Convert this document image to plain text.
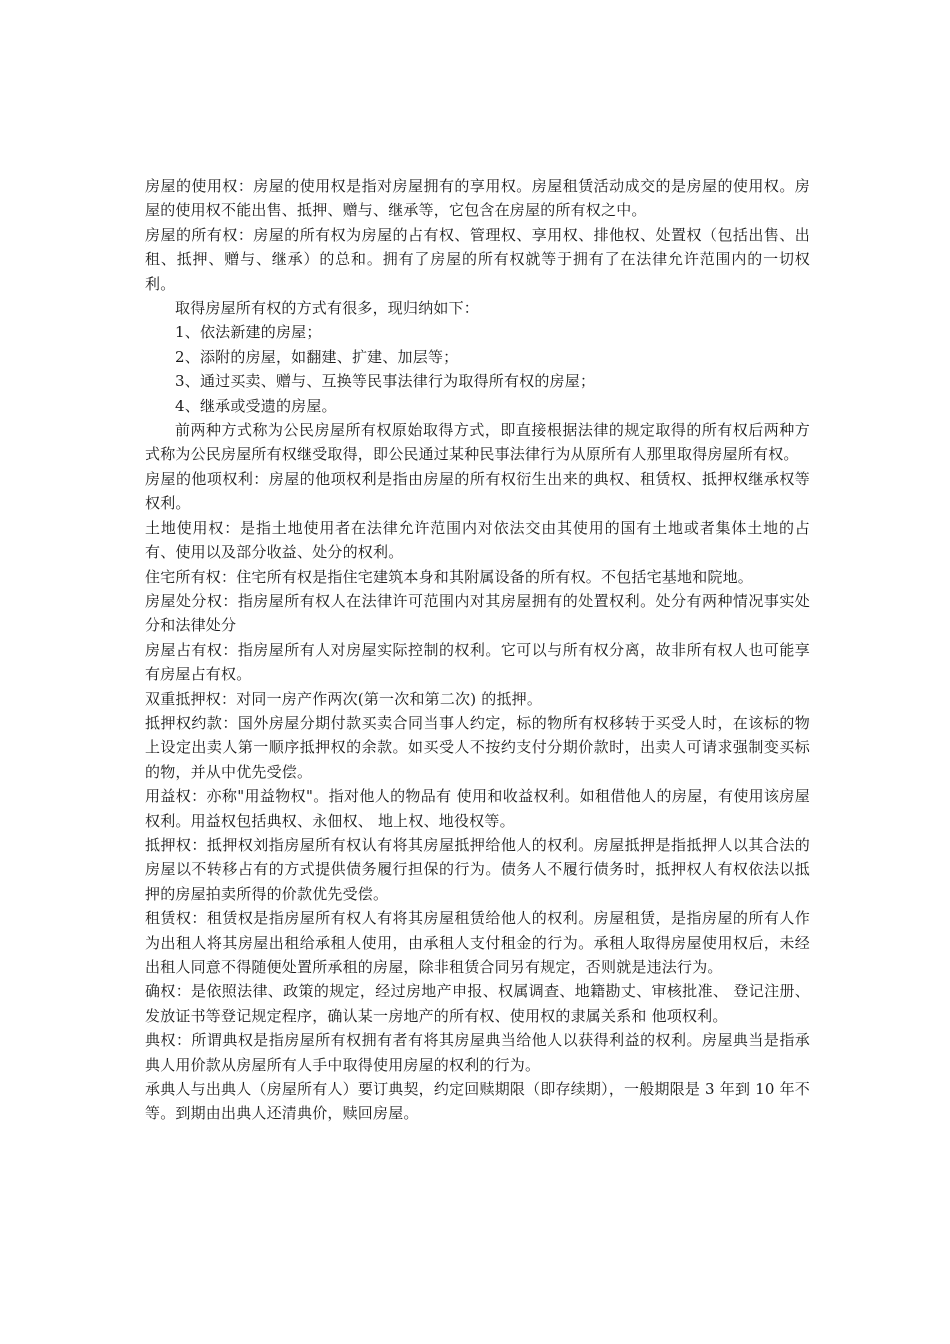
房屋的使用权：房屋的使用权是指对房屋拥有的享用权。房屋租赁活动成交的是房屋的使用权。房屋的使用权不能出售、抵押、赠与、继承等，它包含在房屋的所有权之中。

房屋的所有权：房屋的所有权为房屋的占有权、管理权、享用权、排他权、处置权（包括出售、出租、抵押、赠与、继承）的总和。拥有了房屋的所有权就等于拥有了在法律允许范围内的一切权利。

取得房屋所有权的方式有很多，现归纳如下：

1、依法新建的房屋；

2、添附的房屋，如翻建、扩建、加层等；

3、通过买卖、赠与、互换等民事法律行为取得所有权的房屋；

4、继承或受遗的房屋。

前两种方式称为公民房屋所有权原始取得方式，即直接根据法律的规定取得的所有权后两种方式称为公民房屋所有权继受取得，即公民通过某种民事法律行为从原所有人那里取得房屋所有权。

房屋的他项权利：房屋的他项权利是指由房屋的所有权衍生出来的典权、租赁权、抵押权继承权等权利。

土地使用权：是指土地使用者在法律允许范围内对依法交由其使用的国有土地或者集体土地的占有、使用以及部分收益、处分的权利。

住宅所有权：住宅所有权是指住宅建筑本身和其附属设备的所有权。不包括宅基地和院地。

房屋处分权：指房屋所有权人在法律许可范围内对其房屋拥有的处置权利。处分有两种情况事实处分和法律处分

房屋占有权：指房屋所有人对房屋实际控制的权利。它可以与所有权分离，故非所有权人也可能享有房屋占有权。

双重抵押权：对同一房产作两次(第一次和第二次) 的抵押。

抵押权约款：国外房屋分期付款买卖合同当事人约定，标的物所有权移转于买受人时，在该标的物上设定出卖人第一顺序抵押权的余款。如买受人不按约支付分期价款时，出卖人可请求强制变买标的物，并从中优先受偿。

用益权：亦称"用益物权"。指对他人的物品有 使用和收益权利。如租借他人的房屋，有使用该房屋权利。用益权包括典权、永佃权、 地上权、地役权等。

抵押权：抵押权刘指房屋所有权认有将其房屋抵押给他人的权利。房屋抵押是指抵押人以其合法的房屋以不转移占有的方式提供债务履行担保的行为。债务人不履行债务时，抵押权人有权依法以抵押的房屋拍卖所得的价款优先受偿。

租赁权：租赁权是指房屋所有权人有将其房屋租赁给他人的权利。房屋租赁，是指房屋的所有人作为出租人将其房屋出租给承租人使用，由承租人支付租金的行为。承租人取得房屋使用权后，未经出租人同意不得随便处置所承租的房屋，除非租赁合同另有规定，否则就是违法行为。

确权：是依照法律、政策的规定，经过房地产申报、权属调查、地籍勘丈、审核批准、 登记注册、发放证书等登记规定程序，确认某一房地产的所有权、使用权的隶属关系和 他项权利。

典权：所谓典权是指房屋所有权拥有者有将其房屋典当给他人以获得利益的权利。房屋典当是指承典人用价款从房屋所有人手中取得使用房屋的权利的行为。

承典人与出典人（房屋所有人）要订典契，约定回赎期限（即存续期），一般期限是 3 年到 10 年不等。到期由出典人还清典价，赎回房屋。
